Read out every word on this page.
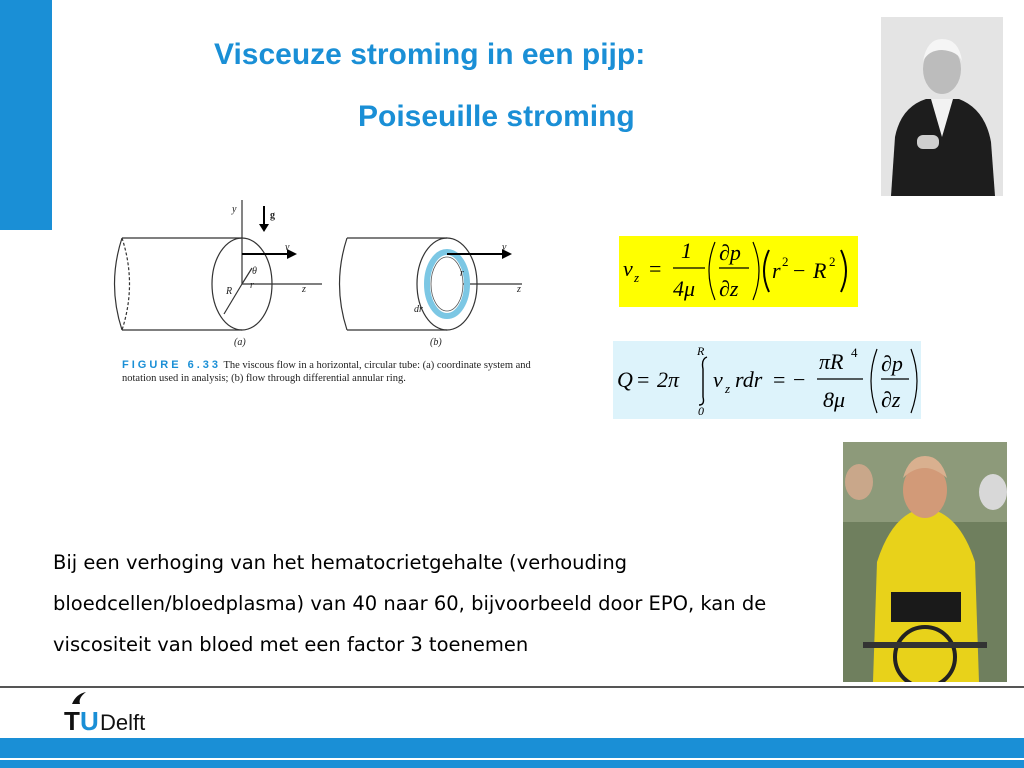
Visceuze stroming in een pijp:
Poiseuille stroming
y
g
v
θ
r
R	z
(a)
v
r
dr
z
(b)
FIGURE 6.33 The viscous flow in a horizontal, circular tube: (a) coordinate system and notation used in analysis; (b) flow through differential annular ring.
v z =
1
4μ
∂p
∂z
r 2 − R 2
Q = 2π
R
0
v z rdr = −
πR 4
8μ
∂p
∂z
Bij een verhoging van het hematocrietgehalte (verhouding
bloedcellen/bloedplasma) van 40 naar 60, bijvoorbeeld door EPO, kan de
viscositeit van bloed met een factor 3 toenemen
T U Delft
